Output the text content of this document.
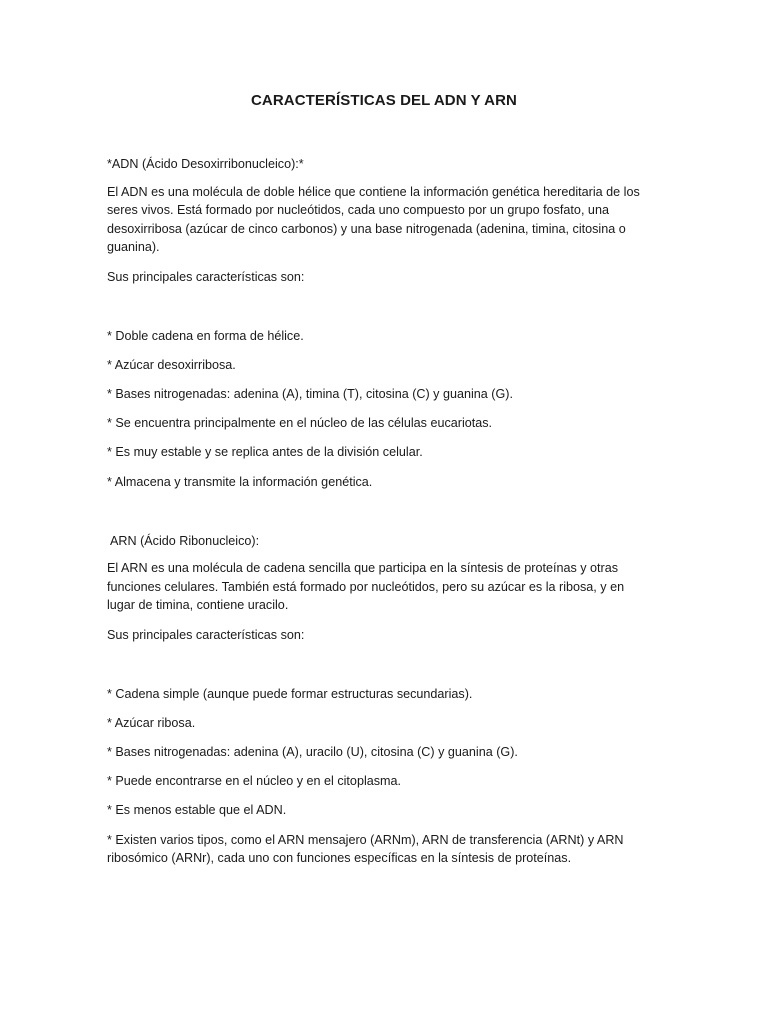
CARACTERÍSTICAS DEL ADN Y ARN

*ADN (Ácido Desoxirribonucleico):*

El ADN es una molécula de doble hélice que contiene la información genética hereditaria de los seres vivos. Está formado por nucleótidos, cada uno compuesto por un grupo fosfato, una desoxirribosa (azúcar de cinco carbonos) y una base nitrogenada (adenina, timina, citosina o guanina).

Sus principales características son:

* Doble cadena en forma de hélice.
* Azúcar desoxirribosa.
* Bases nitrogenadas: adenina (A), timina (T), citosina (C) y guanina (G).
* Se encuentra principalmente en el núcleo de las células eucariotas.
* Es muy estable y se replica antes de la división celular.
* Almacena y transmite la información genética.

ARN (Ácido Ribonucleico):

El ARN es una molécula de cadena sencilla que participa en la síntesis de proteínas y otras funciones celulares. También está formado por nucleótidos, pero su azúcar es la ribosa, y en lugar de timina, contiene uracilo.

Sus principales características son:

* Cadena simple (aunque puede formar estructuras secundarias).
* Azúcar ribosa.
* Bases nitrogenadas: adenina (A), uracilo (U), citosina (C) y guanina (G).
* Puede encontrarse en el núcleo y en el citoplasma.
* Es menos estable que el ADN.
* Existen varios tipos, como el ARN mensajero (ARNm), ARN de transferencia (ARNt) y ARN ribosómico (ARNr), cada uno con funciones específicas en la síntesis de proteínas.
